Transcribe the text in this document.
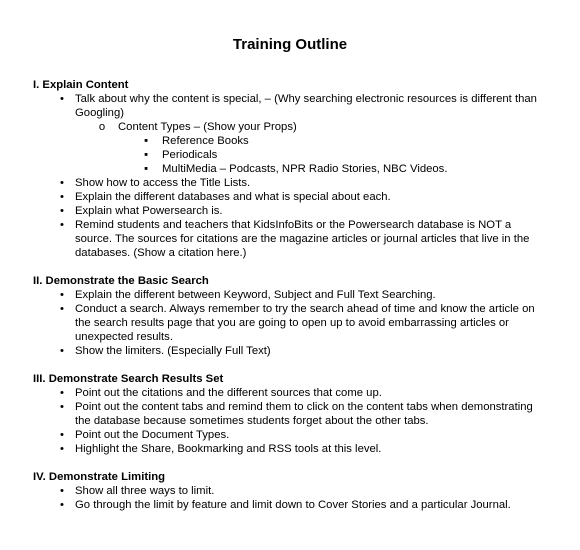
Training Outline
I. Explain Content
• Talk about why the content is special, – (Why searching electronic resources is different than Googling)
o Content Types – (Show your Props)
▪ Reference Books
▪ Periodicals
▪ MultiMedia – Podcasts, NPR Radio Stories, NBC Videos.
• Show how to access the Title Lists.
• Explain the different databases and what is special about each.
• Explain what Powersearch is.
• Remind students and teachers that KidsInfoBits or the Powersearch database is NOT a source. The sources for citations are the magazine articles or journal articles that live in the databases. (Show a citation here.)
II. Demonstrate the Basic Search
• Explain the different between Keyword, Subject and Full Text Searching.
• Conduct a search. Always remember to try the search ahead of time and know the article on the search results page that you are going to open up to avoid embarrassing articles or unexpected results.
• Show the limiters. (Especially Full Text)
III. Demonstrate Search Results Set
• Point out the citations and the different sources that come up.
• Point out the content tabs and remind them to click on the content tabs when demonstrating the database because sometimes students forget about the other tabs.
• Point out the Document Types.
• Highlight the Share, Bookmarking and RSS tools at this level.
IV. Demonstrate Limiting
• Show all three ways to limit.
• Go through the limit by feature and limit down to Cover Stories and a particular Journal.
